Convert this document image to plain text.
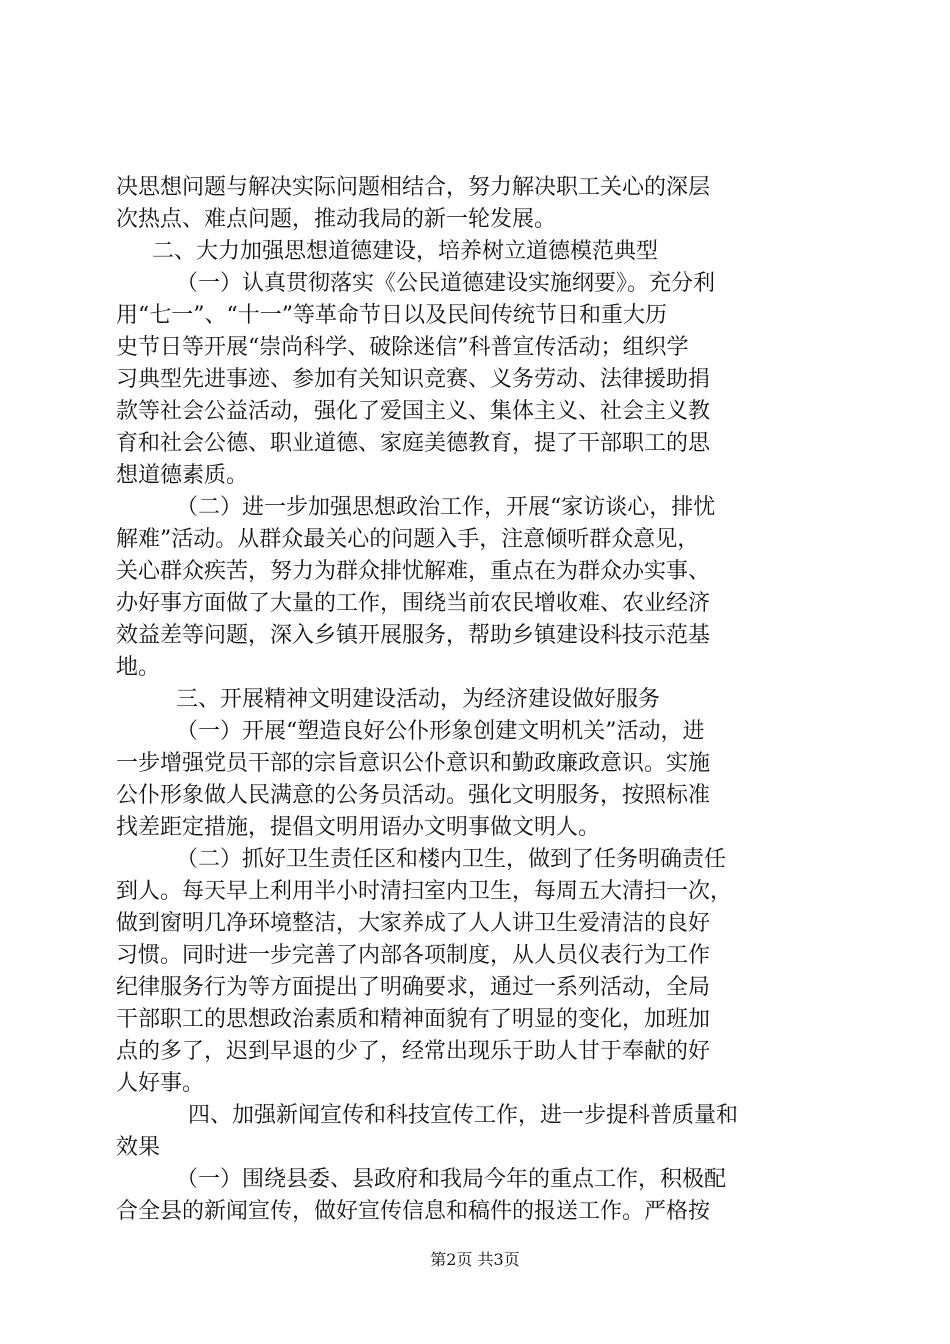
决思想问题与解决实际问题相结合，努力解决职工关心的深层
次热点、难点问题，推动我局的新一轮发展。
二、大力加强思想道德建设，培养树立道德模范典型
（一）认真贯彻落实《公民道德建设实施纲要》。充分利
用“七一”、“十一”等革命节日以及民间传统节日和重大历
史节日等开展“崇尚科学、破除迷信”科普宣传活动；组织学
习典型先进事迹、参加有关知识竞赛、义务劳动、法律援助捐
款等社会公益活动，强化了爱国主义、集体主义、社会主义教
育和社会公德、职业道德、家庭美德教育，提了干部职工的思
想道德素质。
（二）进一步加强思想政治工作，开展“家访谈心，排忧
解难”活动。从群众最关心的问题入手，注意倾听群众意见，
关心群众疾苦，努力为群众排忧解难，重点在为群众办实事、
办好事方面做了大量的工作，围绕当前农民增收难、农业经济
效益差等问题，深入乡镇开展服务，帮助乡镇建设科技示范基
地。
三、开展精神文明建设活动，为经济建设做好服务
（一）开展“塑造良好公仆形象创建文明机关”活动，进
一步增强党员干部的宗旨意识公仆意识和勤政廉政意识。实施
公仆形象做人民满意的公务员活动。强化文明服务，按照标准
找差距定措施，提倡文明用语办文明事做文明人。
（二）抓好卫生责任区和楼内卫生，做到了任务明确责任
到人。每天早上利用半小时清扫室内卫生，每周五大清扫一次，
做到窗明几净环境整洁，大家养成了人人讲卫生爱清洁的良好
习惯。同时进一步完善了内部各项制度，从人员仪表行为工作
纪律服务行为等方面提出了明确要求，通过一系列活动，全局
干部职工的思想政治素质和精神面貌有了明显的变化，加班加
点的多了，迟到早退的少了，经常出现乐于助人甘于奉献的好
人好事。
四、加强新闻宣传和科技宣传工作，进一步提科普质量和
效果
（一）围绕县委、县政府和我局今年的重点工作，积极配
合全县的新闻宣传，做好宣传信息和稿件的报送工作。严格按
第2页 共3页
